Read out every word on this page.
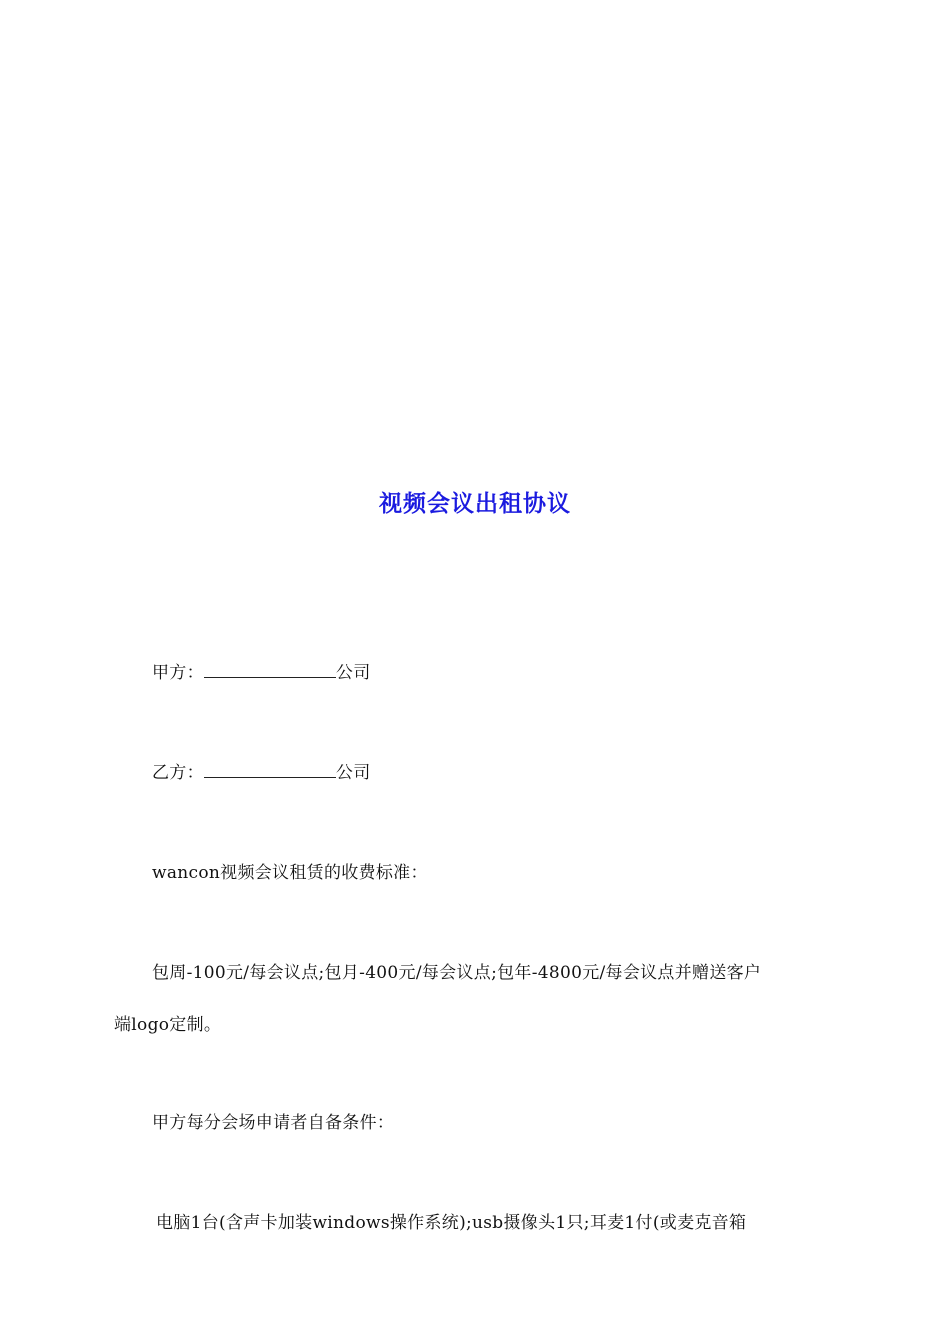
视频会议出租协议
甲方：	公司
乙方：	公司
wancon视频会议租赁的收费标准：
包周-100元/每会议点;包月-400元/每会议点;包年-4800元/每会议点并赠送客户
端logo定制。
甲方每分会场申请者自备条件：
电脑1台(含声卡加装windows操作系统);usb摄像头1只;耳麦1付(或麦克音箱
